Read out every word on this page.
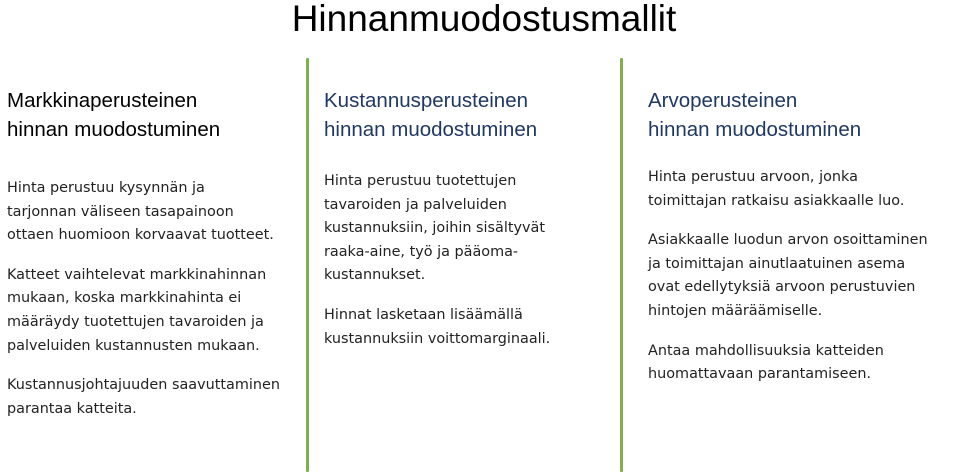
Hinnanmuodostusmallit
Markkinaperusteinen
hinnan muodostuminen
Hinta perustuu kysynnän ja
tarjonnan väliseen tasapainoon
ottaen huomioon korvaavat tuotteet.
Katteet vaihtelevat markkinahinnan
mukaan, koska markkinahinta ei
määräydy tuotettujen tavaroiden ja
palveluiden kustannusten mukaan.
Kustannusjohtajuuden saavuttaminen
parantaa katteita.
Kustannusperusteinen
hinnan muodostuminen
Hinta perustuu tuotettujen
tavaroiden ja palveluiden
kustannuksiin, joihin sisältyvät
raaka-aine, työ ja pääoma-
kustannukset.
Hinnat lasketaan lisäämällä
kustannuksiin voittomarginaali.
Arvoperusteinen
hinnan muodostuminen
Hinta perustuu arvoon, jonka
toimittajan ratkaisu asiakkaalle luo.
Asiakkaalle luodun arvon osoittaminen
ja toimittajan ainutlaatuinen asema
ovat edellytyksiä arvoon perustuvien
hintojen määräämiselle.
Antaa mahdollisuuksia katteiden
huomattavaan parantamiseen.
